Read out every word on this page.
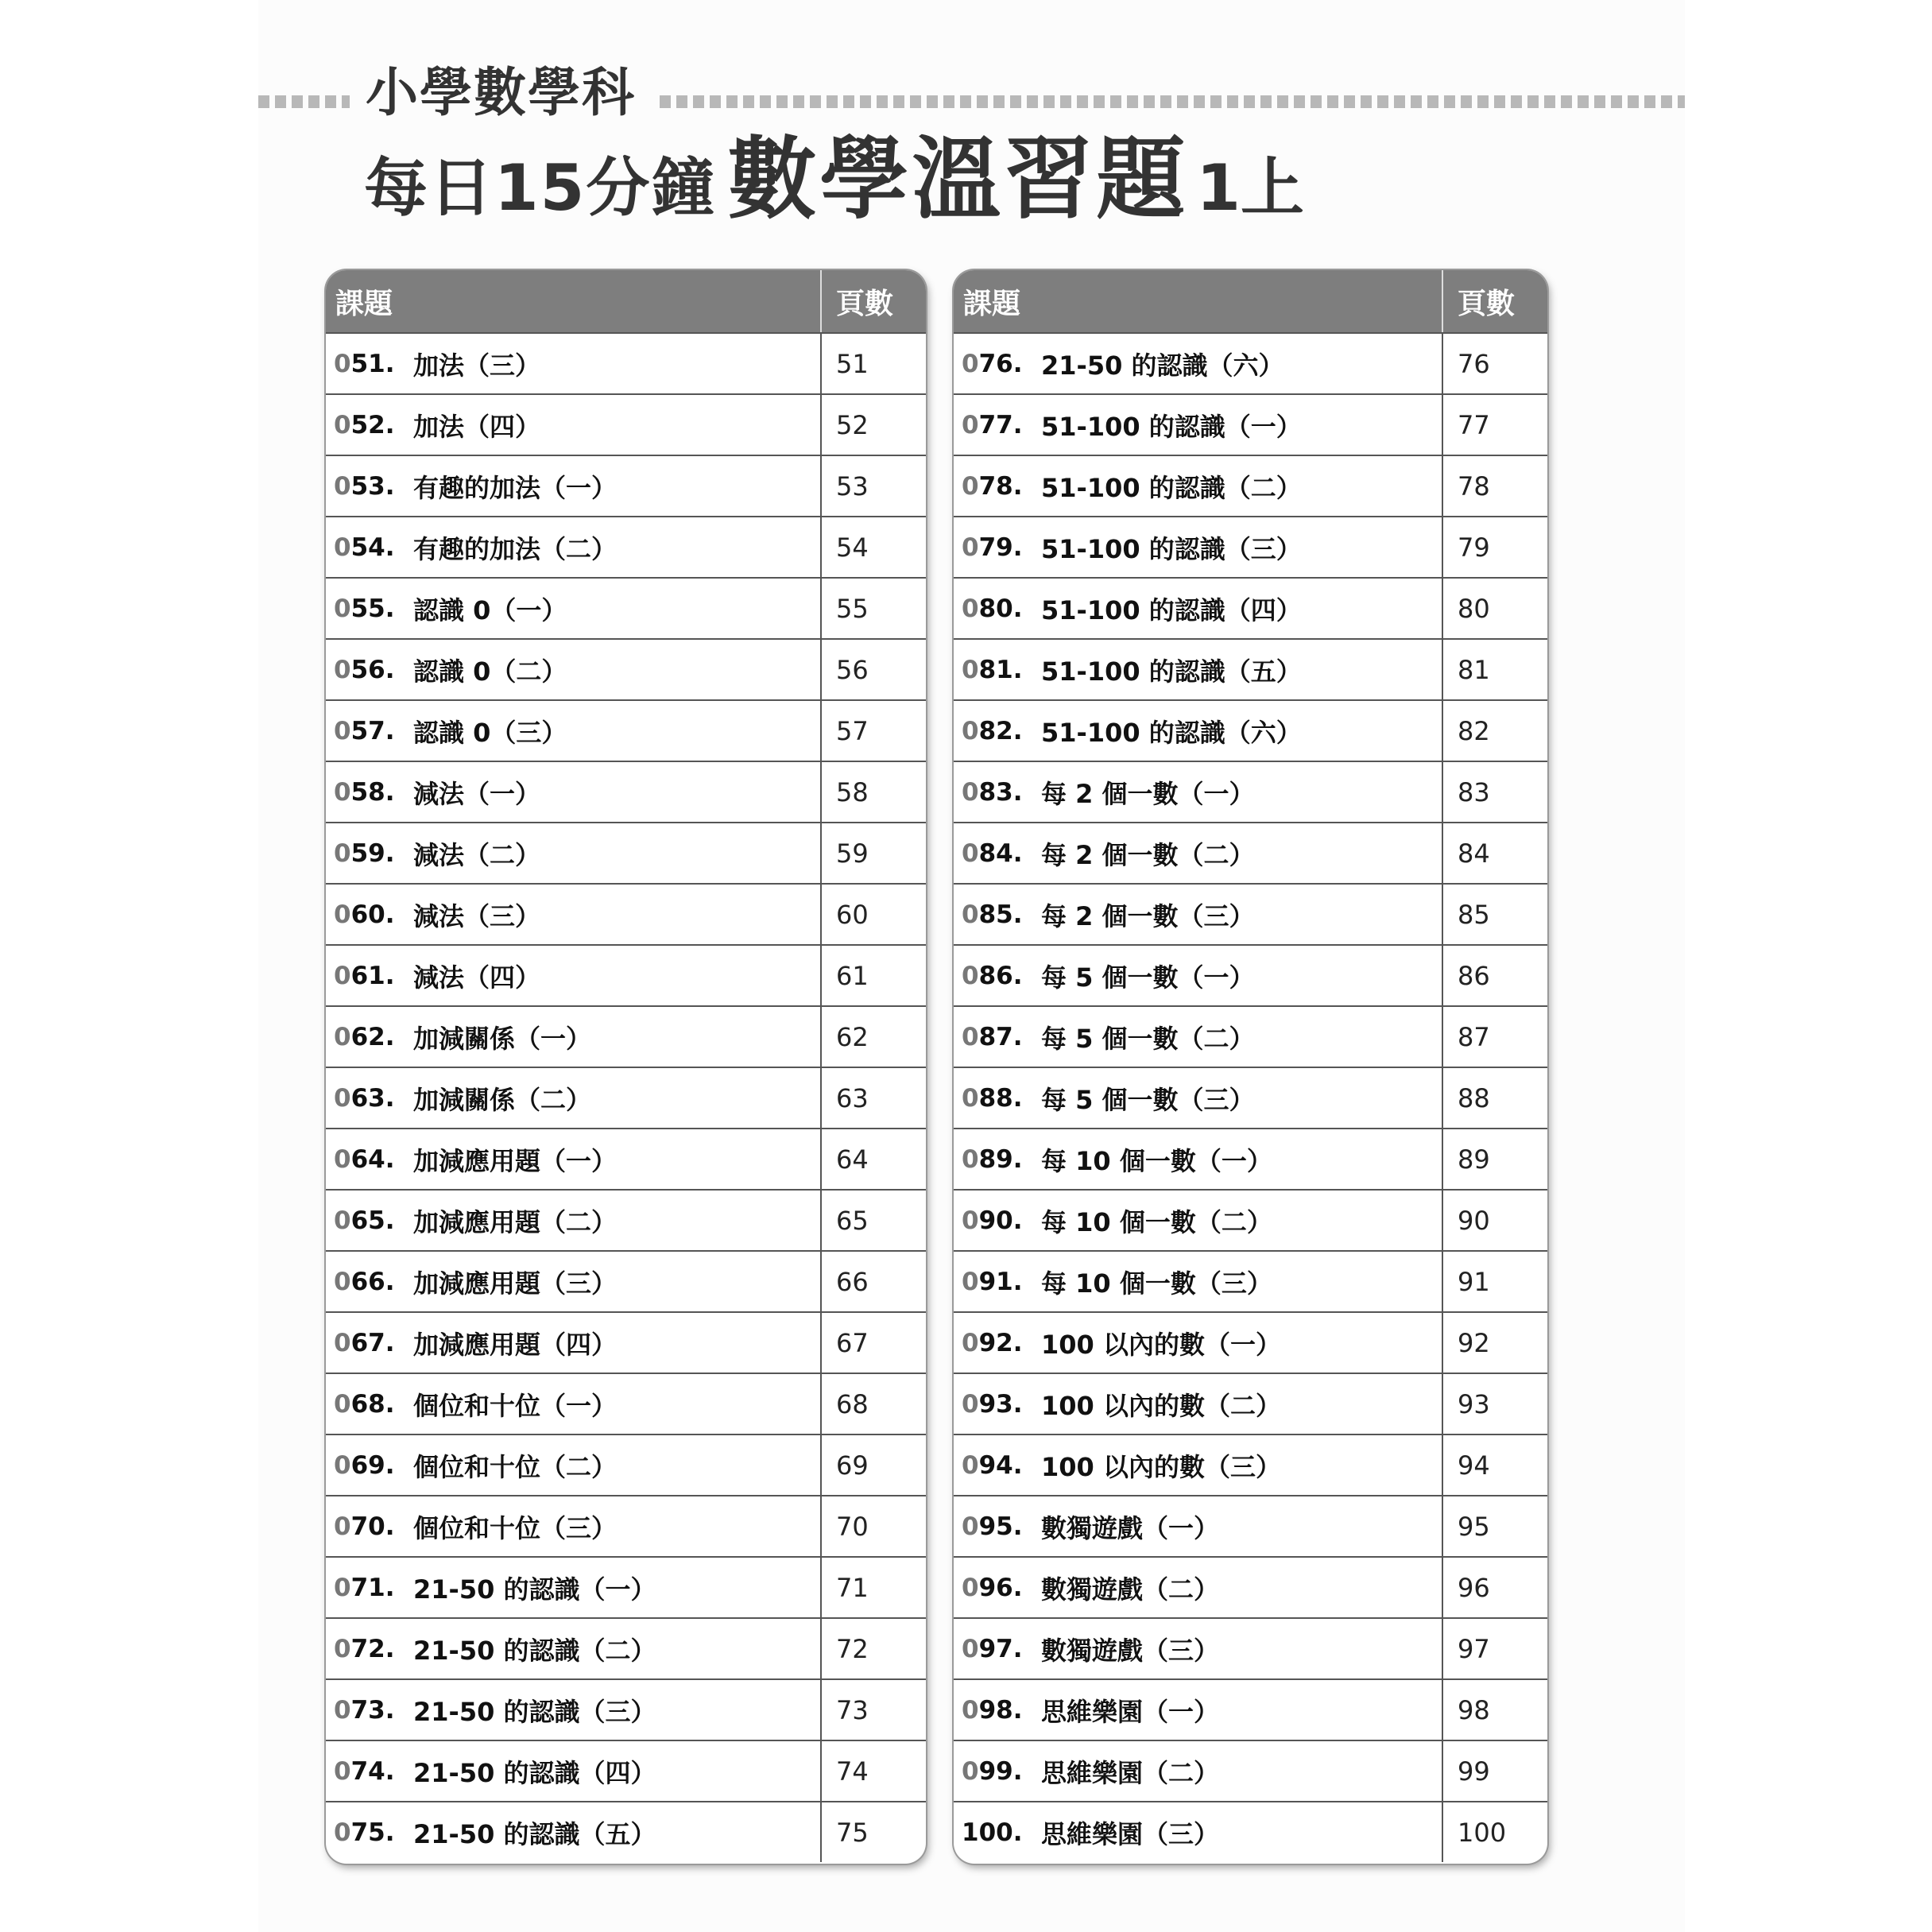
小學數學科
每日15分鐘 數學溫習題 1上
課題	頁數
051. 加法（三）	51
052. 加法（四）	52
053. 有趣的加法（一）	53
054. 有趣的加法（二）	54
055. 認識 0（一）	55
056. 認識 0（二）	56
057. 認識 0（三）	57
058. 減法（一）	58
059. 減法（二）	59
060. 減法（三）	60
061. 減法（四）	61
062. 加減關係（一）	62
063. 加減關係（二）	63
064. 加減應用題（一）	64
065. 加減應用題（二）	65
066. 加減應用題（三）	66
067. 加減應用題（四）	67
068. 個位和十位（一）	68
069. 個位和十位（二）	69
070. 個位和十位（三）	70
071. 21-50 的認識（一）	71
072. 21-50 的認識（二）	72
073. 21-50 的認識（三）	73
074. 21-50 的認識（四）	74
075. 21-50 的認識（五）	75
課題	頁數
076. 21-50 的認識（六）	76
077. 51-100 的認識（一）	77
078. 51-100 的認識（二）	78
079. 51-100 的認識（三）	79
080. 51-100 的認識（四）	80
081. 51-100 的認識（五）	81
082. 51-100 的認識（六）	82
083. 每 2 個一數（一）	83
084. 每 2 個一數（二）	84
085. 每 2 個一數（三）	85
086. 每 5 個一數（一）	86
087. 每 5 個一數（二）	87
088. 每 5 個一數（三）	88
089. 每 10 個一數（一）	89
090. 每 10 個一數（二）	90
091. 每 10 個一數（三）	91
092. 100 以內的數（一）	92
093. 100 以內的數（二）	93
094. 100 以內的數（三）	94
095. 數獨遊戲（一）	95
096. 數獨遊戲（二）	96
097. 數獨遊戲（三）	97
098. 思維樂園（一）	98
099. 思維樂園（二）	99
100. 思維樂園（三）	100
